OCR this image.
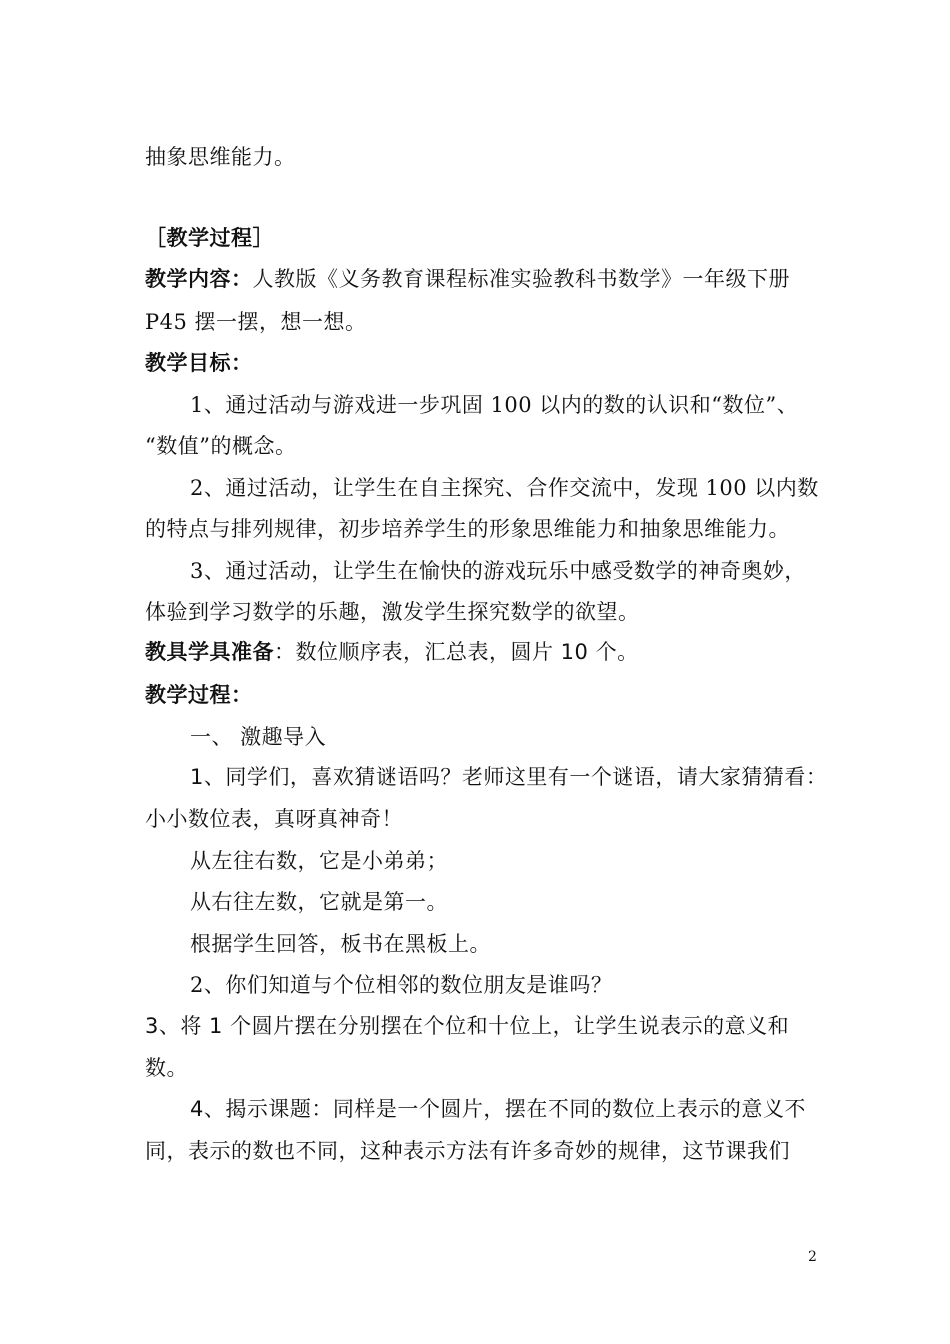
抽象思维能力。
［教学过程］
教学内容：人教版《义务教育课程标准实验教科书数学》一年级下册
P45 摆一摆，想一想。
教学目标：
1、通过活动与游戏进一步巩固 100 以内的数的认识和“数位”、
“数值”的概念。
2、通过活动，让学生在自主探究、合作交流中，发现 100 以内数
的特点与排列规律，初步培养学生的形象思维能力和抽象思维能力。
3、通过活动，让学生在愉快的游戏玩乐中感受数学的神奇奥妙，
体验到学习数学的乐趣，激发学生探究数学的欲望。
教具学具准备：数位顺序表，汇总表，圆片 10 个。
教学过程：
一、 激趣导入
1、同学们，喜欢猜谜语吗？老师这里有一个谜语，请大家猜猜看：
小小数位表，真呀真神奇！
从左往右数，它是小弟弟；
从右往左数，它就是第一。
根据学生回答，板书在黑板上。
2、你们知道与个位相邻的数位朋友是谁吗？
3、将 1 个圆片摆在分别摆在个位和十位上，让学生说表示的意义和
数。
4、揭示课题：同样是一个圆片，摆在不同的数位上表示的意义不
同，表示的数也不同，这种表示方法有许多奇妙的规律，这节课我们
2
